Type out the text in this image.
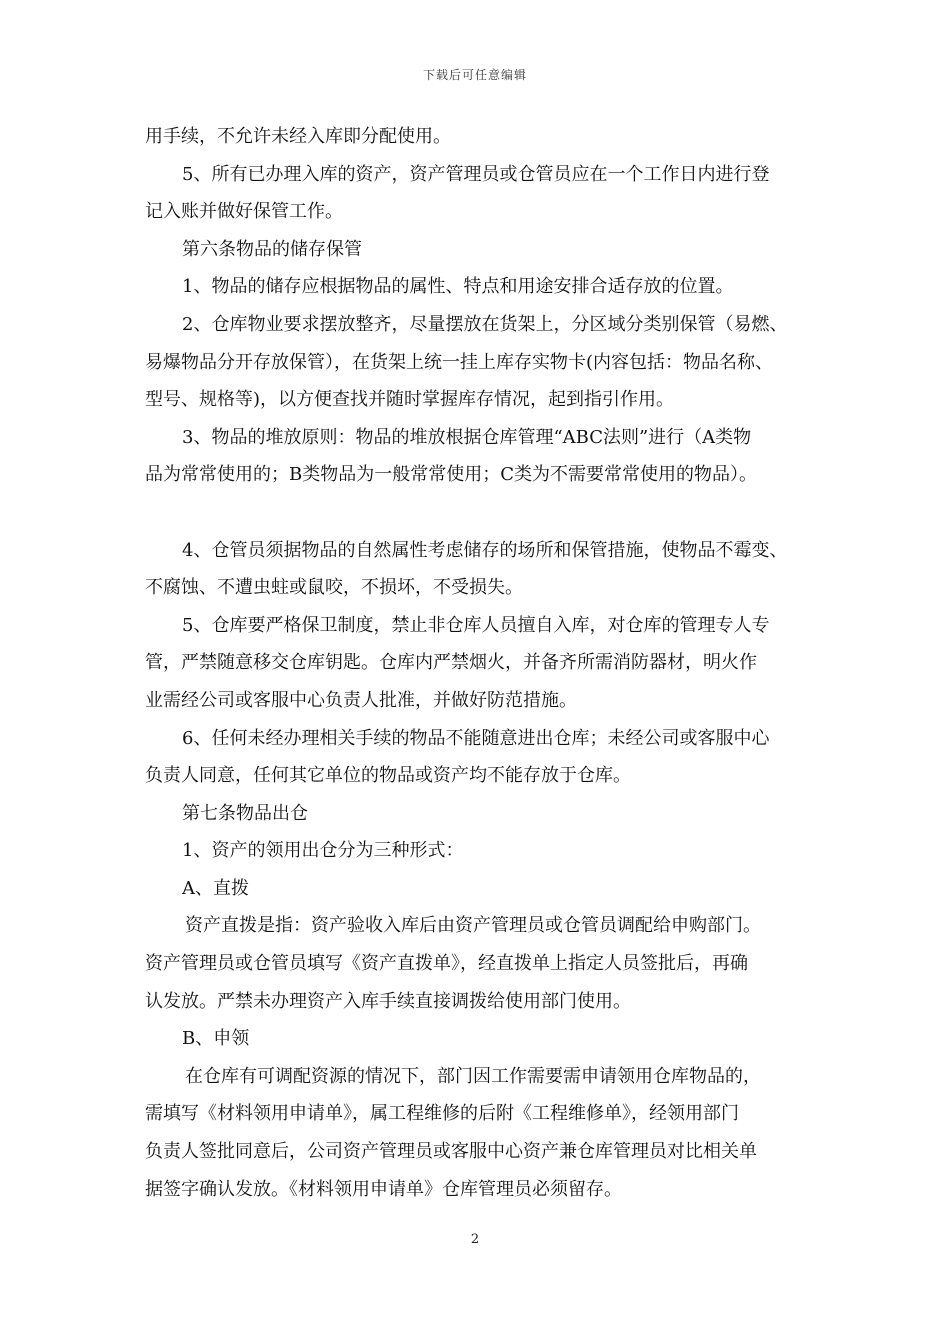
下载后可任意编辑
用手续，不允许未经入库即分配使用。
5、所有已办理入库的资产，资产管理员或仓管员应在一个工作日内进行登
记入账并做好保管工作。
第六条物品的储存保管
1、物品的储存应根据物品的属性、特点和用途安排合适存放的位置。
2、仓库物业要求摆放整齐，尽量摆放在货架上，分区域分类别保管（易燃、
易爆物品分开存放保管），在货架上统一挂上库存实物卡(内容包括：物品名称、
型号、规格等)，以方便查找并随时掌握库存情况，起到指引作用。
3、物品的堆放原则：物品的堆放根据仓库管理“ABC法则”进行（A类物
品为常常使用的；B类物品为一般常常使用；C类为不需要常常使用的物品）。
4、仓管员须据物品的自然属性考虑储存的场所和保管措施，使物品不霉变、
不腐蚀、不遭虫蛀或鼠咬，不损坏，不受损失。
5、仓库要严格保卫制度，禁止非仓库人员擅自入库，对仓库的管理专人专
管，严禁随意移交仓库钥匙。仓库内严禁烟火，并备齐所需消防器材，明火作
业需经公司或客服中心负责人批准，并做好防范措施。
6、任何未经办理相关手续的物品不能随意进出仓库；未经公司或客服中心
负责人同意，任何其它单位的物品或资产均不能存放于仓库。
第七条物品出仓
1、资产的领用出仓分为三种形式：
A、直拨
资产直拨是指：资产验收入库后由资产管理员或仓管员调配给申购部门。
资产管理员或仓管员填写《资产直拨单》，经直拨单上指定人员签批后，再确
认发放。严禁未办理资产入库手续直接调拨给使用部门使用。
B、申领
在仓库有可调配资源的情况下，部门因工作需要需申请领用仓库物品的，
需填写《材料领用申请单》，属工程维修的后附《工程维修单》，经领用部门
负责人签批同意后，公司资产管理员或客服中心资产兼仓库管理员对比相关单
据签字确认发放。《材料领用申请单》仓库管理员必须留存。
2
